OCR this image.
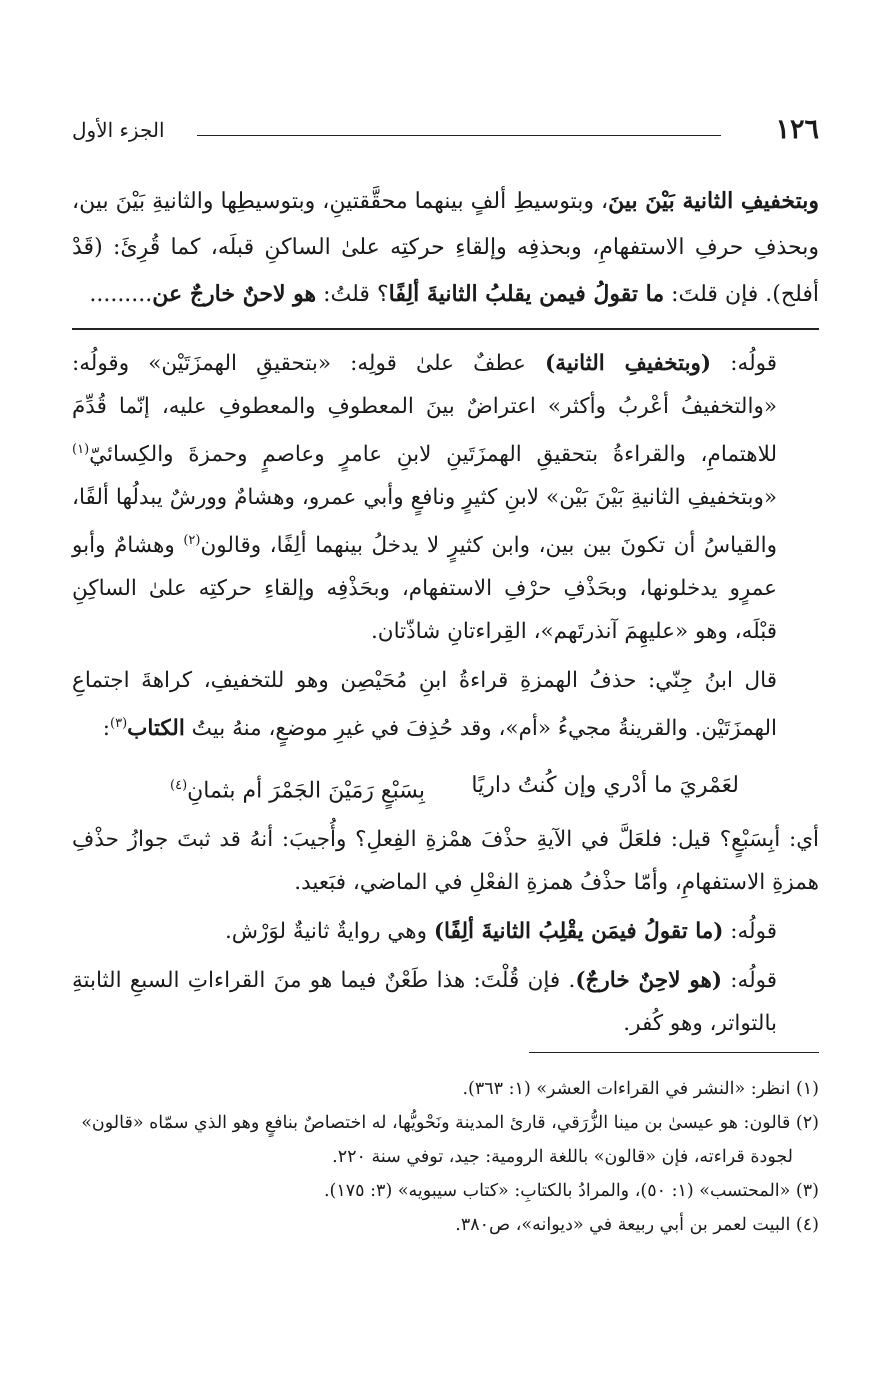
١٢٦
الجزء الأول
وبتخفيفِ الثانية بَيْنَ بينَ، وبتوسيطِ ألفٍ بينهما محقَّقتينِ، وبتوسيطِها والثانيةِ بَيْنَ بين، وبحذفِ حرفِ الاستفهامِ، وبحذفِه وإلقاءِ حركتِه علىٰ الساكنِ قبلَه، كما قُرِئَ: (قَدْ أفلح). فإن قلتَ: ما تقولُ فيمن يقلبُ الثانيةَ ألِفًا؟ قلتُ: هو لاحنٌ خارجٌ عن.........

قولُه: (وبتخفيفِ الثانية) عطفٌ علىٰ قولِه: «بتحقيقِ الهمزَتَيْن» وقولُه: «والتخفيفُ أعْربُ وأكثر» اعتراضٌ بينَ المعطوفِ والمعطوفِ عليه، إنّما قُدِّمَ للاهتمامِ، والقراءةُ بتحقيقِ الهمزَتَينِ لابنِ عامرٍ وعاصمٍ وحمزةَ والكِسائيّ$^{(١)}$ «وبتخفيفِ الثانيةِ بَيْنَ بَيْن» لابنِ كثيرٍ ونافعٍ وأبي عمرو، وهشامٌ وورشٌ يبدلُها ألفًا، والقياسُ أن تكونَ بين بين، وابن كثيرٍ لا يدخلُ بينهما ألِفًا، وقالون$^{(٢)}$ وهشامٌ وأبو عمرٍو يدخلونها، وبحَذْفِ حرْفِ الاستفهام، وبحَذْفِه وإلقاءِ حركتِه علىٰ الساكِنِ قبْلَه، وهو «عليهِمَ آنذرتَهم»، القِراءتانِ شاذّتان.

قال ابنُ جِنّي: حذفُ الهمزةِ قراءةُ ابنِ مُحَيْصِن وهو للتخفيفِ، كراهةَ اجتماعِ الهمزَتَيْن. والقرينةُ مجيءُ «أم»، وقد حُذِفَ في غيرِ موضعٍ، منهُ بيتُ الكتاب$^{(٣)}$:

لعَمْريَ ما أدْري وإن كُنتُ داريًا
بِسَبْعٍ رَمَيْنَ الجَمْرَ أم بثمانِ$^{(٤)}$

أي: أبِسَبْعٍ؟ قيل: فلعَلَّ في الآيةِ حذْفَ همْزةِ الفِعلِ؟ وأُجيبَ: أنهُ قد ثبتَ جوازُ حذْفِ همزةِ الاستفهامِ، وأمّا حذْفُ همزةِ الفعْلِ في الماضي، فبَعيد.

قولُه: (ما تقولُ فيمَن يقْلِبُ الثانيةَ ألِفًا) وهي روايةٌ ثانيةٌ لوَرْش.

قولُه: (هو لاحِنٌ خارجٌ). فإن قُلْتَ: هذا طَعْنٌ فيما هو منَ القراءاتِ السبعِ الثابتةِ بالتواتر، وهو كُفر.

(١) انظر: «النشر في القراءات العشر» (١: ٣٦٣).

(٢) قالون: هو عيسىٰ بن مينا الزُّرَقي، قارئ المدينة ونَحْويُّها، له اختصاصٌ بنافعٍ وهو الذي سمّاه «قالون»

لجودة قراءته، فإن «قالون» باللغة الرومية: جيد، توفي سنة ٢٢٠.

(٣) «المحتسب» (١: ٥٠)، والمرادُ بالكتابِ: «كتاب سيبويه» (٣: ١٧٥).

(٤) البيت لعمر بن أبي ربيعة في «ديوانه»، ص٣٨٠.
